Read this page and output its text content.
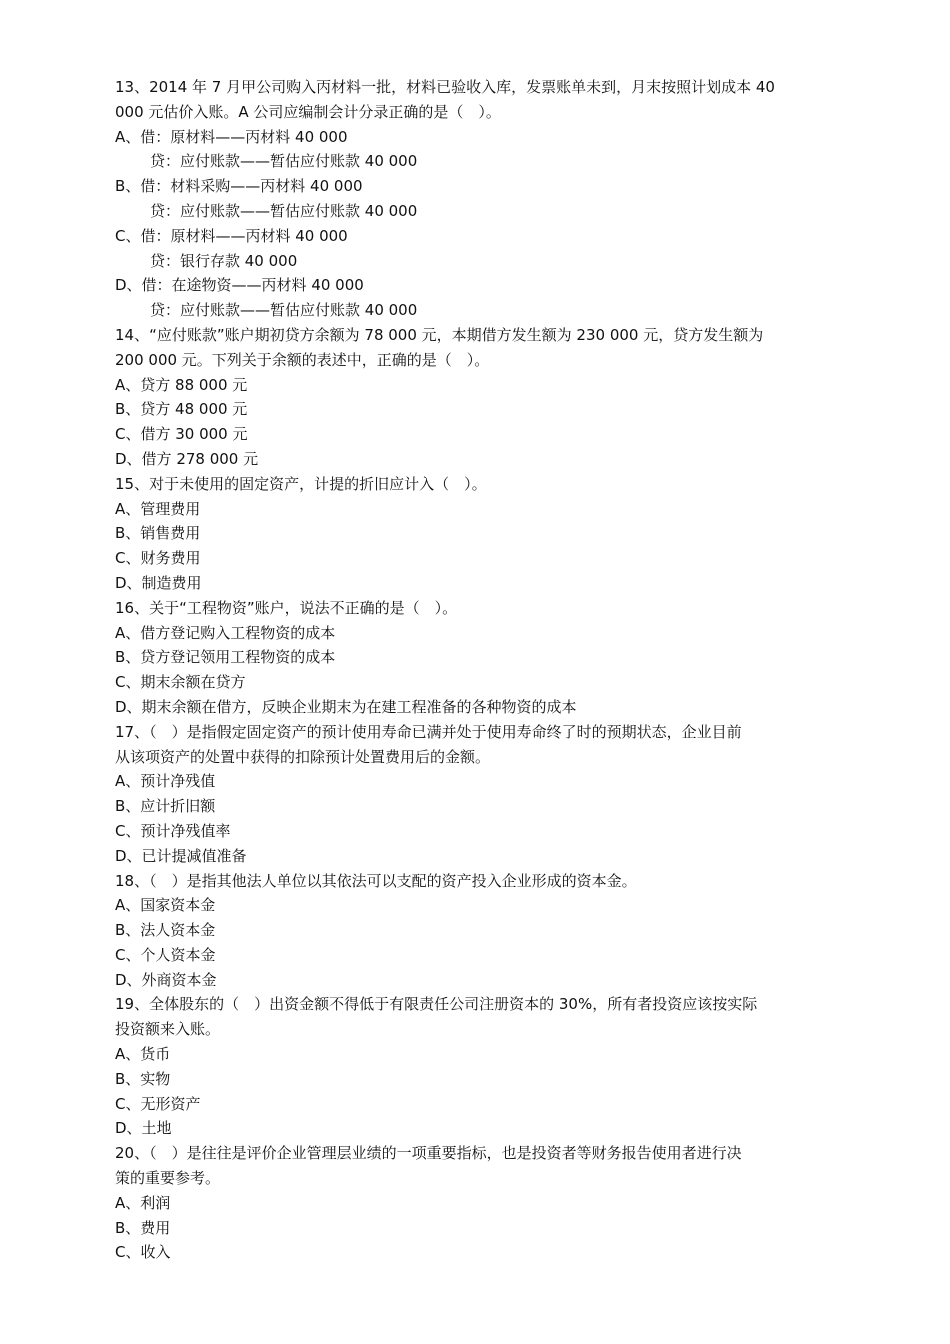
13、2014 年 7 月甲公司购入丙材料一批，材料已验收入库，发票账单未到，月末按照计划成本 40
000 元估价入账。A 公司应编制会计分录正确的是（　）。
A、借：原材料——丙材料 40 000
贷：应付账款——暂估应付账款 40 000
B、借：材料采购——丙材料 40 000
贷：应付账款——暂估应付账款 40 000
C、借：原材料——丙材料 40 000
贷：银行存款 40 000
D、借：在途物资——丙材料 40 000
贷：应付账款——暂估应付账款 40 000
14、“应付账款”账户期初贷方余额为 78 000 元，本期借方发生额为 230 000 元，贷方发生额为
200 000 元。下列关于余额的表述中，正确的是（　）。
A、贷方 88 000 元
B、贷方 48 000 元
C、借方 30 000 元
D、借方 278 000 元
15、对于未使用的固定资产，计提的折旧应计入（　）。
A、管理费用
B、销售费用
C、财务费用
D、制造费用
16、关于“工程物资”账户，说法不正确的是（　）。
A、借方登记购入工程物资的成本
B、贷方登记领用工程物资的成本
C、期末余额在贷方
D、期末余额在借方，反映企业期末为在建工程准备的各种物资的成本
17、（　）是指假定固定资产的预计使用寿命已满并处于使用寿命终了时的预期状态，企业目前
从该项资产的处置中获得的扣除预计处置费用后的金额。
A、预计净残值
B、应计折旧额
C、预计净残值率
D、已计提减值准备
18、（　）是指其他法人单位以其依法可以支配的资产投入企业形成的资本金。
A、国家资本金
B、法人资本金
C、个人资本金
D、外商资本金
19、全体股东的（　）出资金额不得低于有限责任公司注册资本的 30%，所有者投资应该按实际
投资额来入账。
A、货币
B、实物
C、无形资产
D、土地
20、（　）是往往是评价企业管理层业绩的一项重要指标，也是投资者等财务报告使用者进行决
策的重要参考。
A、利润
B、费用
C、收入
